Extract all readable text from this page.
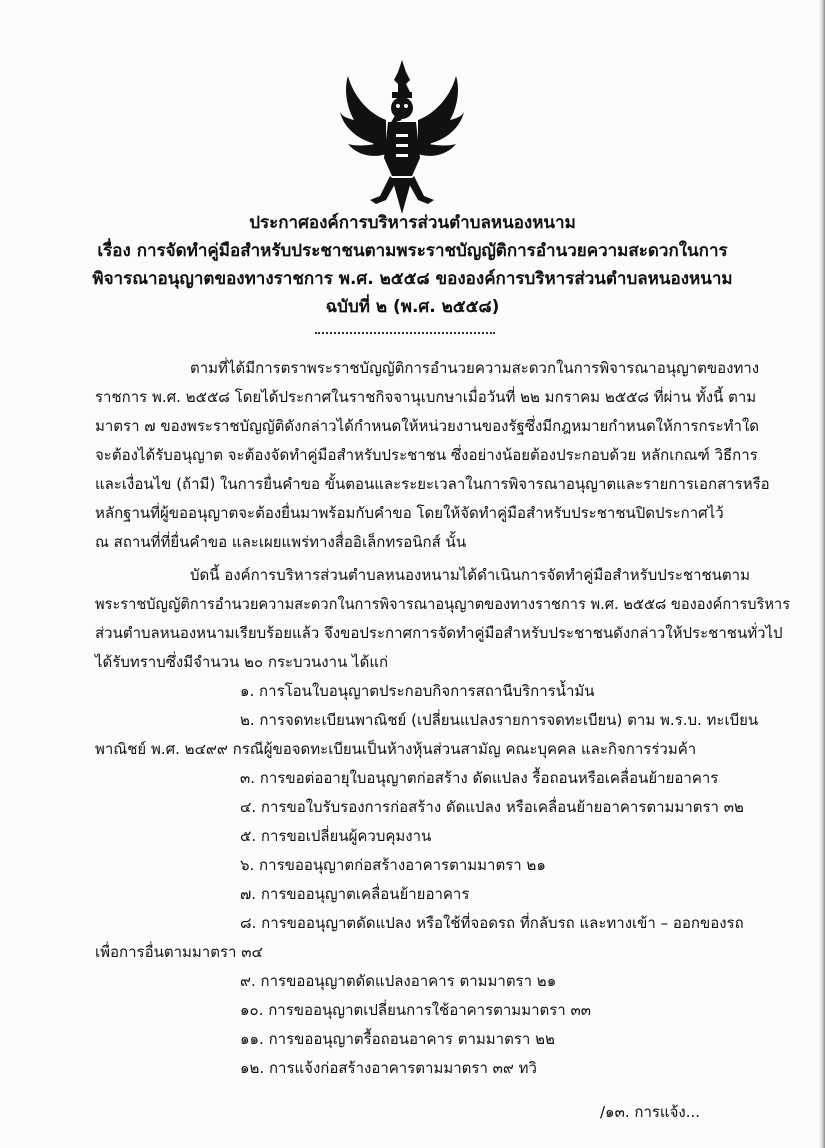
ประกาศองค์การบริหารส่วนตำบลหนองหนาม
เรื่อง การจัดทำคู่มือสำหรับประชาชนตามพระราชบัญญัติการอำนวยความสะดวกในการ
พิจารณาอนุญาตของทางราชการ พ.ศ. ๒๕๕๘ ขององค์การบริหารส่วนตำบลหนองหนาม
ฉบับที่ ๒ (พ.ศ. ๒๕๕๘)
ตามที่ได้มีการตราพระราชบัญญัติการอำนวยความสะดวกในการพิจารณาอนุญาตของทาง
ราชการ พ.ศ. ๒๕๕๘ โดยได้ประกาศในราชกิจจานุเบกษาเมื่อวันที่ ๒๒ มกราคม ๒๕๕๘ ที่ผ่าน ทั้งนี้ ตาม
มาตรา ๗ ของพระราชบัญญัติดังกล่าวได้กำหนดให้หน่วยงานของรัฐซึ่งมีกฎหมายกำหนดให้การกระทำใด
จะต้องได้รับอนุญาต จะต้องจัดทำคู่มือสำหรับประชาชน ซึ่งอย่างน้อยต้องประกอบด้วย หลักเกณฑ์ วิธีการ
และเงื่อนไข (ถ้ามี) ในการยื่นคำขอ ขั้นตอนและระยะเวลาในการพิจารณาอนุญาตและรายการเอกสารหรือ
หลักฐานที่ผู้ขออนุญาตจะต้องยื่นมาพร้อมกับคำขอ โดยให้จัดทำคู่มือสำหรับประชาชนปิดประกาศไว้
ณ สถานที่ที่ยื่นคำขอ และเผยแพร่ทางสื่ออิเล็กทรอนิกส์ นั้น
บัดนี้ องค์การบริหารส่วนตำบลหนองหนามได้ดำเนินการจัดทำคู่มือสำหรับประชาชนตาม
พระราชบัญญัติการอำนวยความสะดวกในการพิจารณาอนุญาตของทางราชการ พ.ศ. ๒๕๕๘ ขององค์การบริหาร
ส่วนตำบลหนองหนามเรียบร้อยแล้ว จึงขอประกาศการจัดทำคู่มือสำหรับประชาชนดังกล่าวให้ประชาชนทั่วไป
ได้รับทราบซึ่งมีจำนวน ๒๐ กระบวนงาน ได้แก่
๑. การโอนใบอนุญาตประกอบกิจการสถานีบริการน้ำมัน
๒. การจดทะเบียนพาณิชย์ (เปลี่ยนแปลงรายการจดทะเบียน) ตาม พ.ร.บ. ทะเบียน
พาณิชย์ พ.ศ. ๒๔๙๙ กรณีผู้ขอจดทะเบียนเป็นห้างหุ้นส่วนสามัญ คณะบุคคล และกิจการร่วมค้า
๓. การขอต่ออายุใบอนุญาตก่อสร้าง ดัดแปลง รื้อถอนหรือเคลื่อนย้ายอาคาร
๔. การขอใบรับรองการก่อสร้าง ดัดแปลง หรือเคลื่อนย้ายอาคารตามมาตรา ๓๒
๕. การขอเปลี่ยนผู้ควบคุมงาน
๖. การขออนุญาตก่อสร้างอาคารตามมาตรา ๒๑
๗. การขออนุญาตเคลื่อนย้ายอาคาร
๘. การขออนุญาตดัดแปลง หรือใช้ที่จอดรถ ที่กลับรถ และทางเข้า – ออกของรถ
เพื่อการอื่นตามมาตรา ๓๔
๙. การขออนุญาตดัดแปลงอาคาร ตามมาตรา ๒๑
๑๐. การขออนุญาตเปลี่ยนการใช้อาคารตามมาตรา ๓๓
๑๑. การขออนุญาตรื้อถอนอาคาร ตามมาตรา ๒๒
๑๒. การแจ้งก่อสร้างอาคารตามมาตรา ๓๙ ทวิ
/๑๓. การแจ้ง...
